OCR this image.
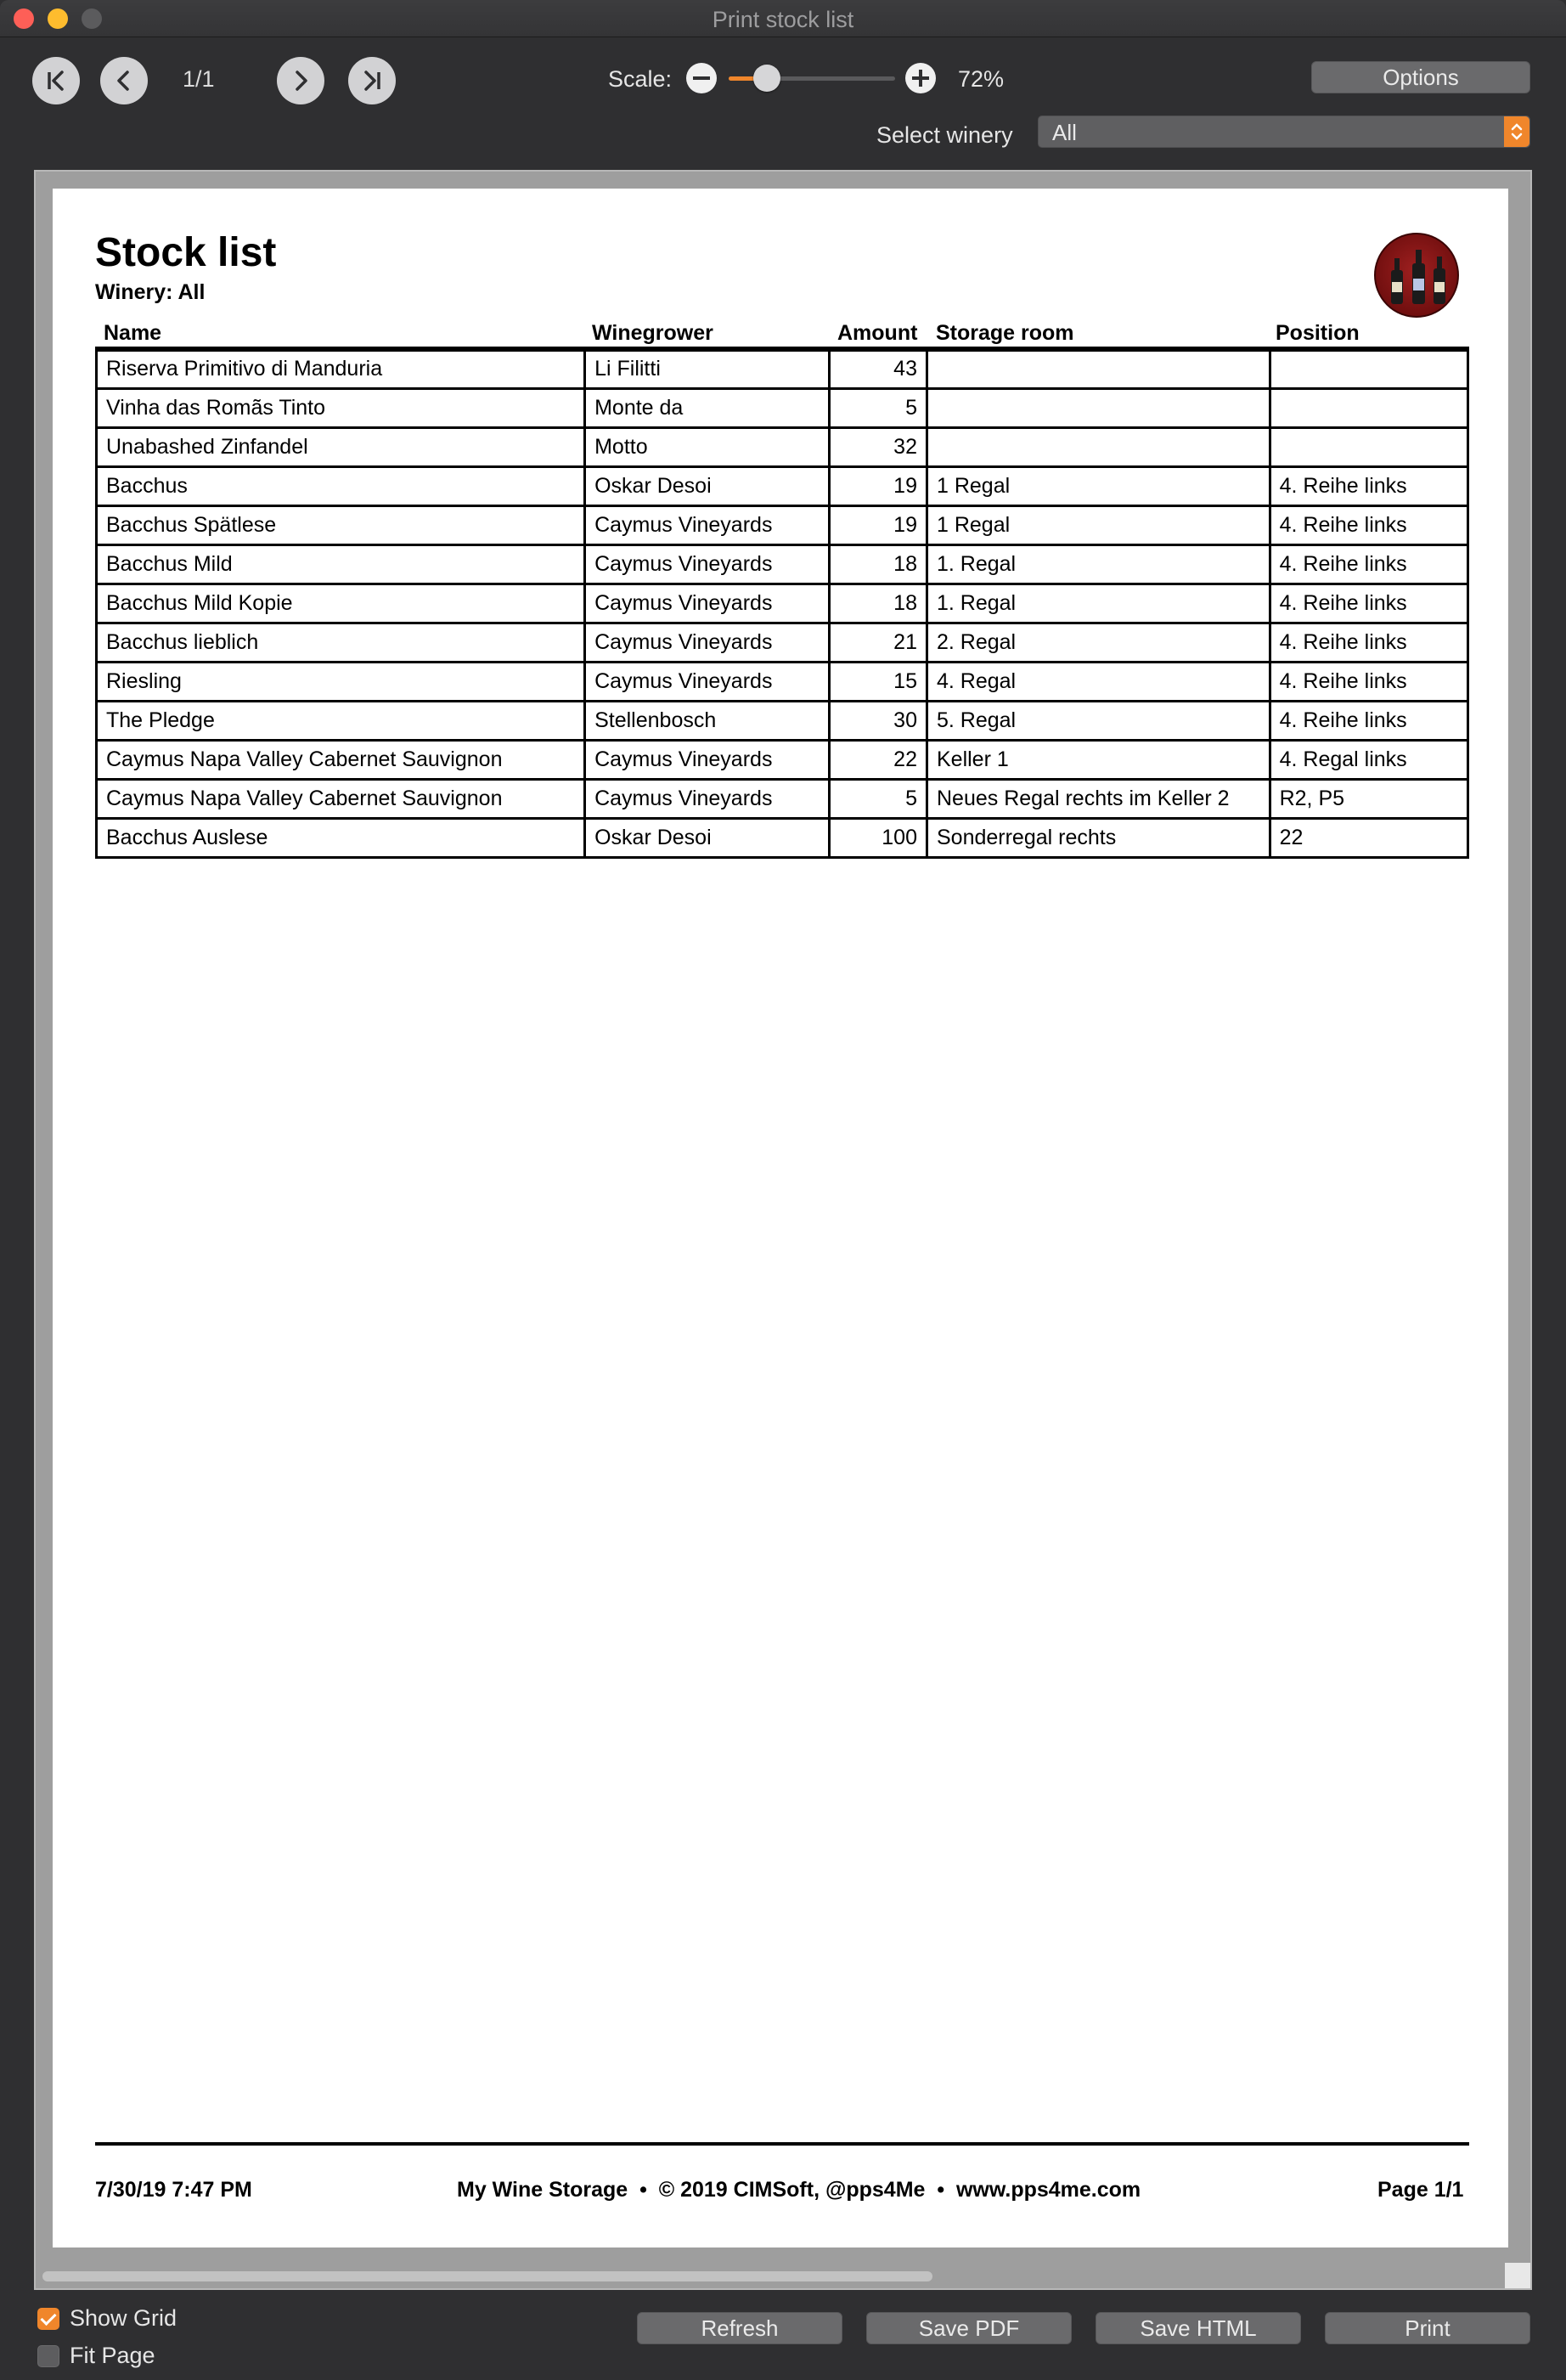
Print stock list
1/1	Scale:	72%	Options
Select winery All
Stock list
Winery: All
Name	Winegrower	Amount Storage room	Position
Riserva Primitivo di Manduria	Li Filitti	43		
Vinha das Romãs Tinto	Monte da	5		
Unabashed Zinfandel	Motto	32		
Bacchus	Oskar Desoi	19	1 Regal	4. Reihe links
Bacchus Spätlese	Caymus Vineyards	19	1 Regal	4. Reihe links
Bacchus Mild	Caymus Vineyards	18	1. Regal	4. Reihe links
Bacchus Mild Kopie	Caymus Vineyards	18	1. Regal	4. Reihe links
Bacchus lieblich	Caymus Vineyards	21	2. Regal	4. Reihe links
Riesling	Caymus Vineyards	15	4. Regal	4. Reihe links
The Pledge	Stellenbosch	30	5. Regal	4. Reihe links
Caymus Napa Valley Cabernet Sauvignon	Caymus Vineyards	22	Keller 1	4. Regal links
Caymus Napa Valley Cabernet Sauvignon	Caymus Vineyards	5	Neues Regal rechts im Keller 2	R2, P5
Bacchus Auslese	Oskar Desoi	100	Sonderregal rechts	22
7/30/19 7:47 PM	My Wine Storage  •  © 2019 CIMSoft, @pps4Me  •  www.pps4me.com	Page 1/1
Show Grid
Fit Page
Refresh	Save PDF	Save HTML	Print
